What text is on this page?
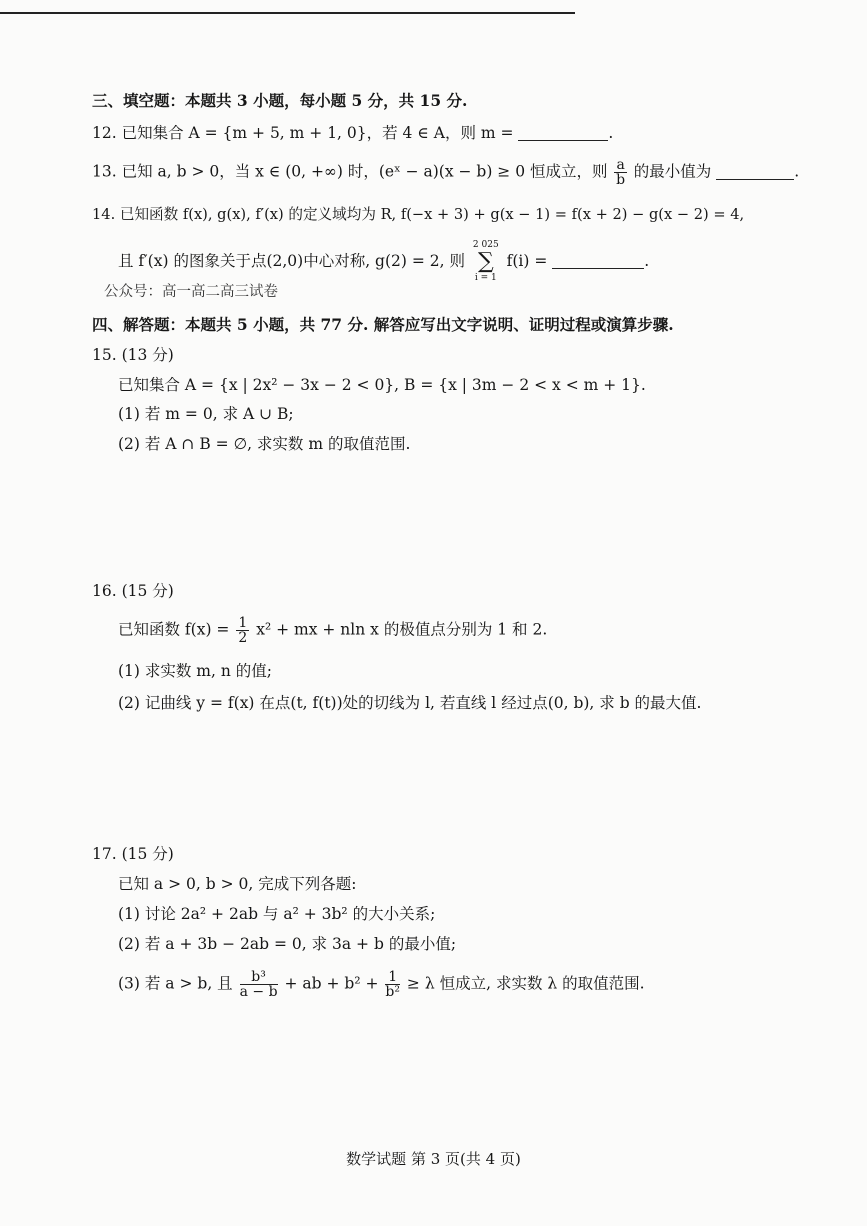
三、填空题：本题共 3 小题，每小题 5 分，共 15 分.
12. 已知集合 A = {m + 5, m + 1, 0}，若 4 ∈ A，则 m =	.
13. 已知 a, b > 0，当 x ∈ (0, +∞) 时，(eˣ − a)(x − b) ≥ 0 恒成立，则 $\frac{a}{b}$ 的最小值为	.
14. 已知函数 f(x), g(x), f′(x) 的定义域均为 R, f(−x + 3) + g(x − 1) = f(x + 2) − g(x − 2) = 4,
且 f′(x) 的图象关于点(2,0)中心对称, g(2) = 2, 则
2 025
∑
i = 1
f(i) =	.
公众号：高一高二高三试卷
四、解答题：本题共 5 小题，共 77 分. 解答应写出文字说明、证明过程或演算步骤.
15. (13 分)
已知集合 A = {x | 2x² − 3x − 2 < 0}, B = {x | 3m − 2 < x < m + 1}.
(1) 若 m = 0, 求 A ∪ B;
(2) 若 A ∩ B = ∅, 求实数 m 的取值范围.
16. (15 分)
已知函数 $f(x) = \frac{1}{2} x^2$ + mx + nln x 的极值点分别为 1 和 2.
(1) 求实数 m, n 的值;
(2) 记曲线 y = f(x) 在点(t, f(t))处的切线为 l, 若直线 l 经过点(0, b), 求 b 的最大值.
17. (15 分)
已知 a > 0, b > 0, 完成下列各题:
(1) 讨论 2a² + 2ab 与 a² + 3b² 的大小关系;
(2) 若 a + 3b − 2ab = 0, 求 3a + b 的最小值;
(3) 若 a > b, 且 $\frac{\text{b³}}{a - b}$ + ab + $b^2 + \frac{1}{\text{b²}} \ge \lambda$ 恒成立, 求实数 λ 的取值范围.
数学试题 第 3 页(共 4 页)
